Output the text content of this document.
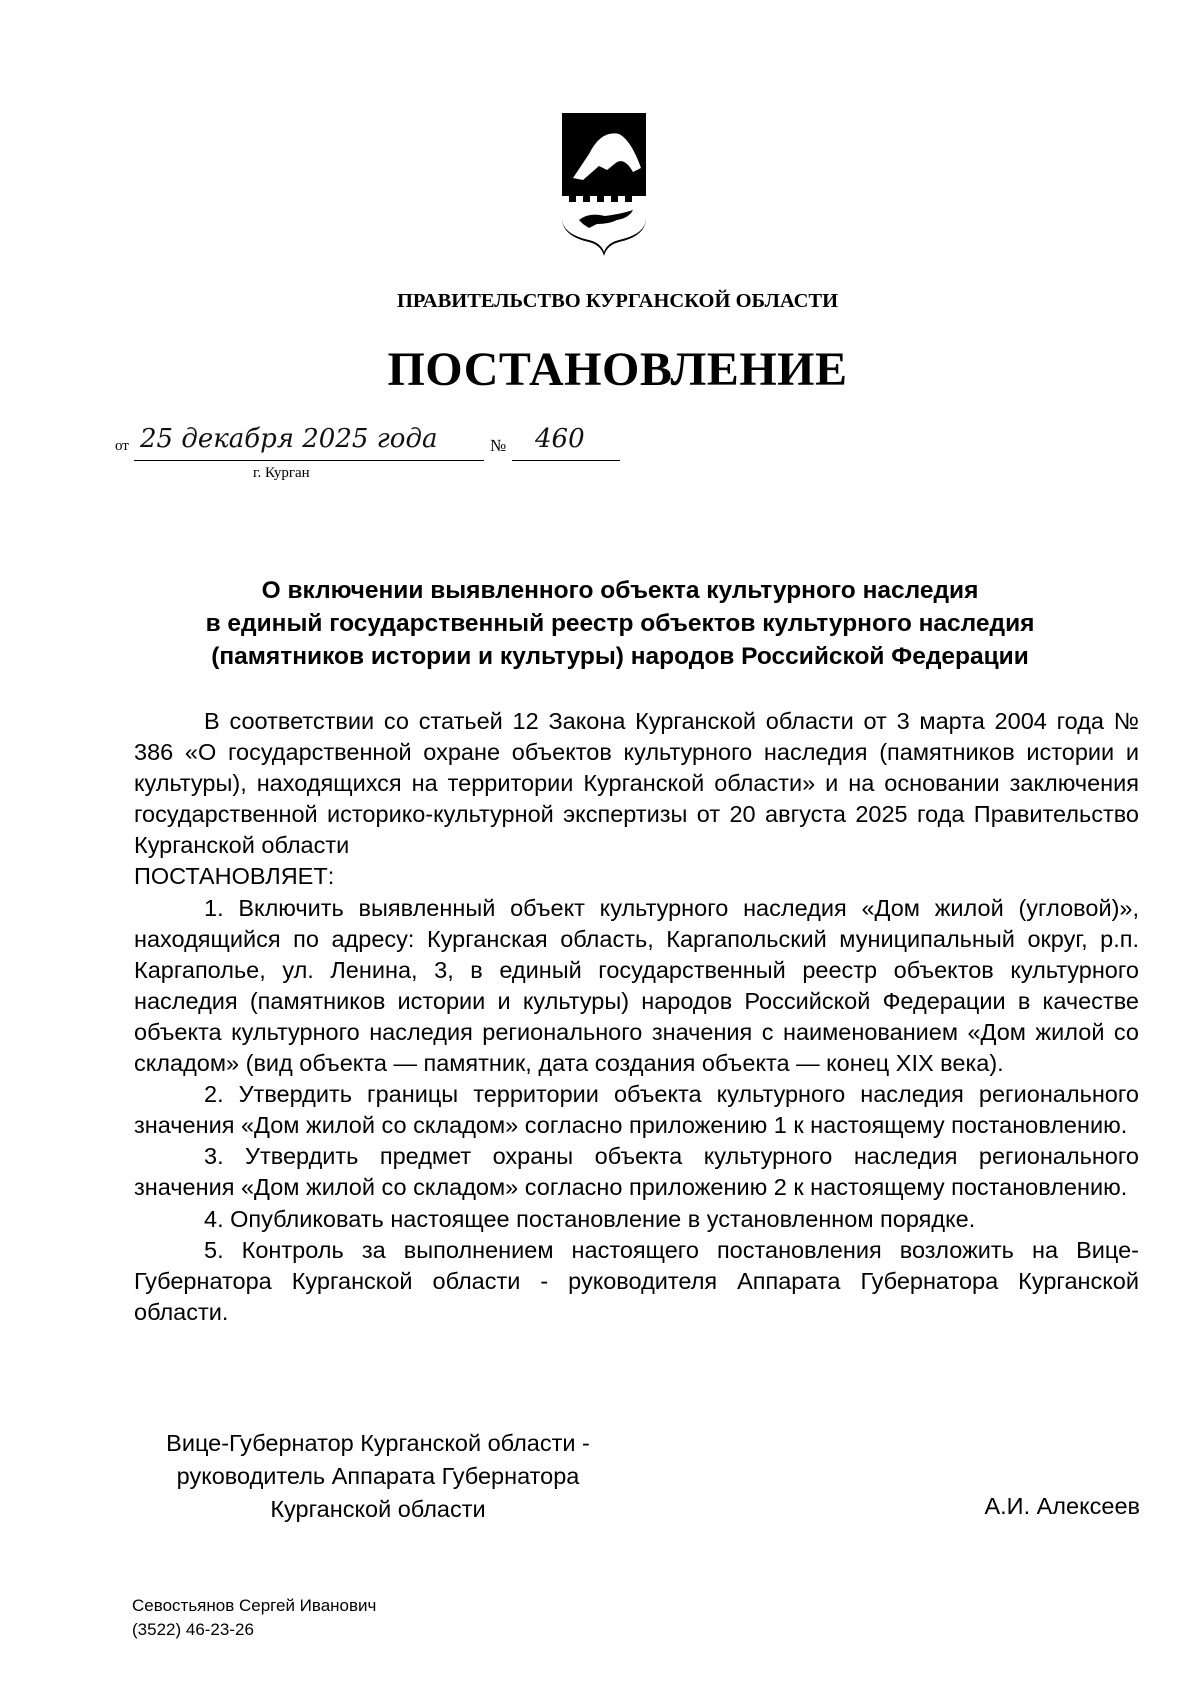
ПРАВИТЕЛЬСТВО КУРГАНСКОЙ ОБЛАСТИ
ПОСТАНОВЛЕНИЕ
от 25 декабря 2025 года	№ 460
г. Курган
О включении выявленного объекта культурного наследия
в единый государственный реестр объектов культурного наследия
(памятников истории и культуры) народов Российской Федерации

В соответствии со статьей 12 Закона Курганской области от 3 марта 2004 года № 386 «О государственной охране объектов культурного наследия (памятников истории и культуры), находящихся на территории Курганской области» и на основании заключения государственной историко-культурной экспертизы от 20 августа 2025 года Правительство Курганской области

ПОСТАНОВЛЯЕТ:

1. Включить выявленный объект культурного наследия «Дом жилой (угловой)», находящийся по адресу: Курганская область, Каргапольский муниципальный округ, р.п. Каргаполье, ул. Ленина, 3, в единый государственный реестр объектов культурного наследия (памятников истории и культуры) народов Российской Федерации в качестве объекта культурного наследия регионального значения с наименованием «Дом жилой со складом» (вид объекта — памятник, дата создания объекта — конец XIX века).

2. Утвердить границы территории объекта культурного наследия регионального значения «Дом жилой со складом» согласно приложению 1 к настоящему постановлению.

3. Утвердить предмет охраны объекта культурного наследия регионального значения «Дом жилой со складом» согласно приложению 2 к настоящему постановлению.

4. Опубликовать настоящее постановление в установленном порядке.

5. Контроль за выполнением настоящего постановления возложить на Вице-Губернатора Курганской области - руководителя Аппарата Губернатора Курганской области.

Вице-Губернатор Курганской области -
руководитель Аппарата Губернатора
Курганской области	А.И. Алексеев
Севостьянов Сергей Иванович
(3522) 46-23-26
